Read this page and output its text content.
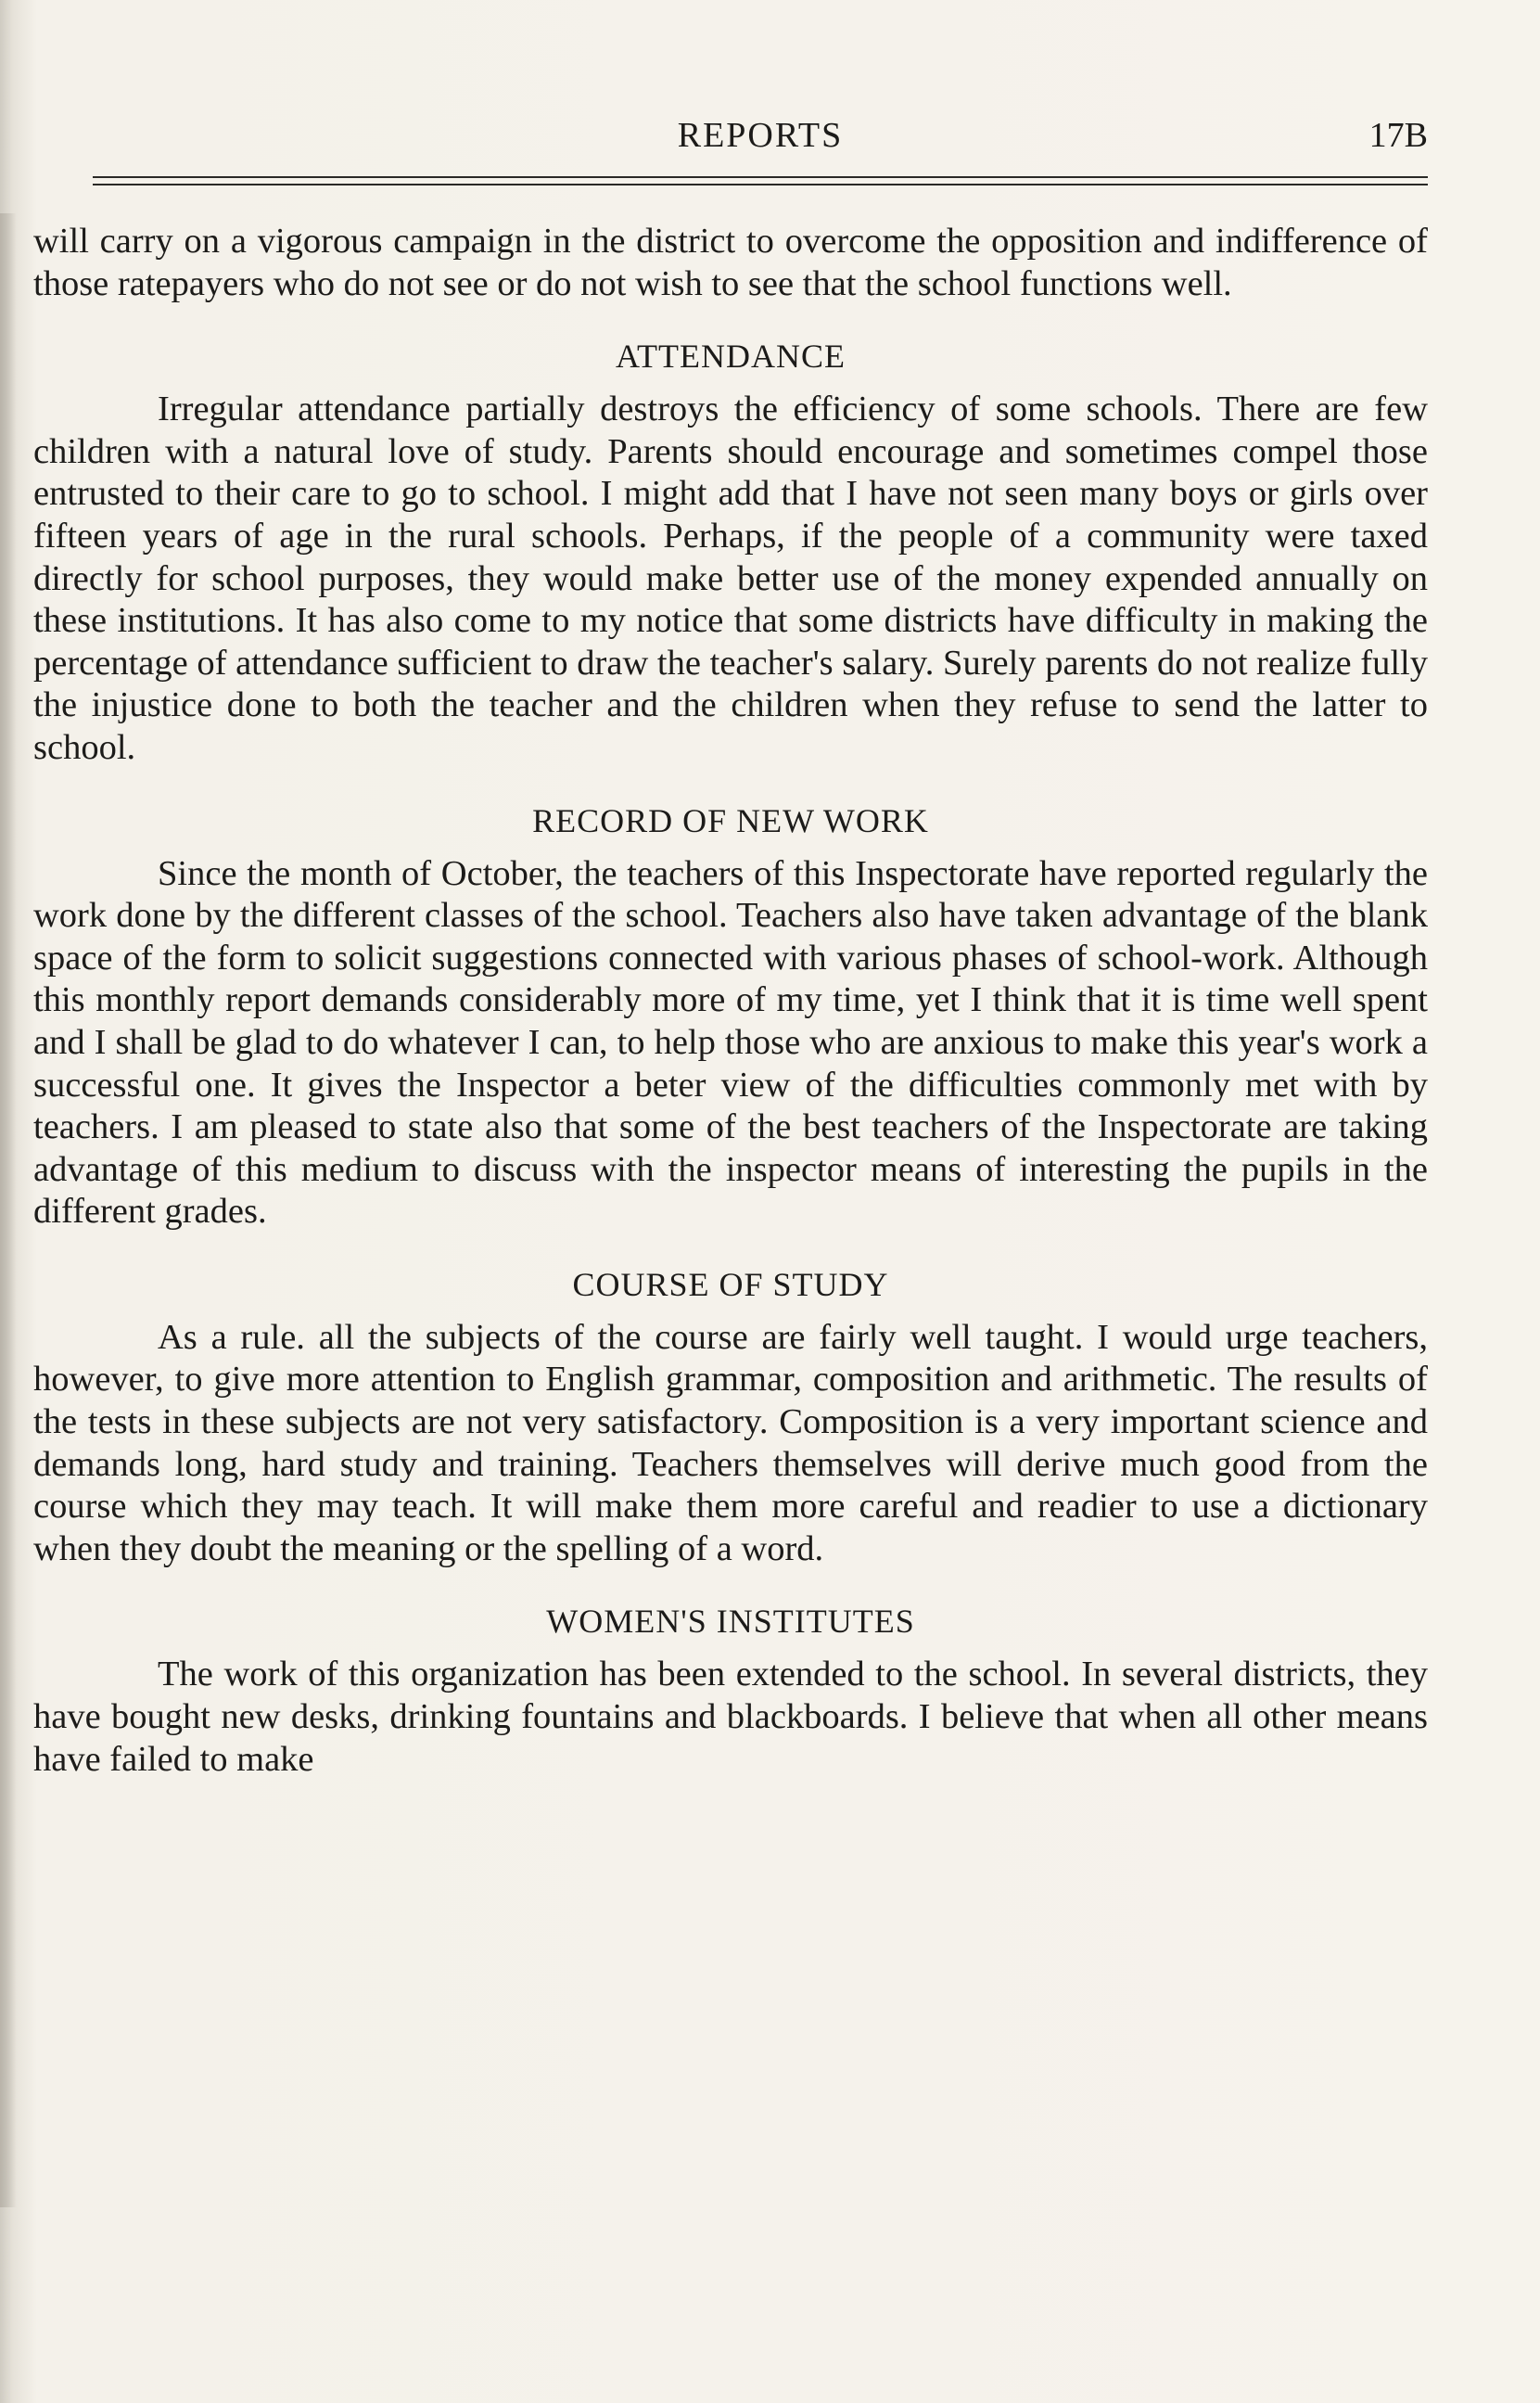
REPORTS	17B

will carry on a vigorous campaign in the district to overcome the opposition and indifference of those ratepayers who do not see or do not wish to see that the school functions well.

ATTENDANCE

Irregular attendance partially destroys the efficiency of some schools. There are few children with a natural love of study. Parents should encourage and sometimes compel those entrusted to their care to go to school. I might add that I have not seen many boys or girls over fifteen years of age in the rural schools. Perhaps, if the people of a community were taxed directly for school purposes, they would make better use of the money expended annually on these institutions. It has also come to my notice that some districts have difficulty in making the percentage of attendance sufficient to draw the teacher's salary. Surely parents do not realize fully the injustice done to both the teacher and the children when they refuse to send the latter to school.

RECORD OF NEW WORK

Since the month of October, the teachers of this Inspectorate have reported regularly the work done by the different classes of the school. Teachers also have taken advantage of the blank space of the form to solicit suggestions connected with various phases of school-work. Although this monthly report demands considerably more of my time, yet I think that it is time well spent and I shall be glad to do whatever I can, to help those who are anxious to make this year's work a successful one. It gives the Inspector a beter view of the difficulties commonly met with by teachers. I am pleased to state also that some of the best teachers of the Inspectorate are taking advantage of this medium to discuss with the inspector means of interesting the pupils in the different grades.

COURSE OF STUDY

As a rule. all the subjects of the course are fairly well taught. I would urge teachers, however, to give more attention to English grammar, composition and arithmetic. The results of the tests in these subjects are not very satisfactory. Composition is a very important science and demands long, hard study and training. Teachers themselves will derive much good from the course which they may teach. It will make them more careful and readier to use a dictionary when they doubt the meaning or the spelling of a word.

WOMEN'S INSTITUTES

The work of this organization has been extended to the school. In several districts, they have bought new desks, drinking fountains and blackboards. I believe that when all other means have failed to make
